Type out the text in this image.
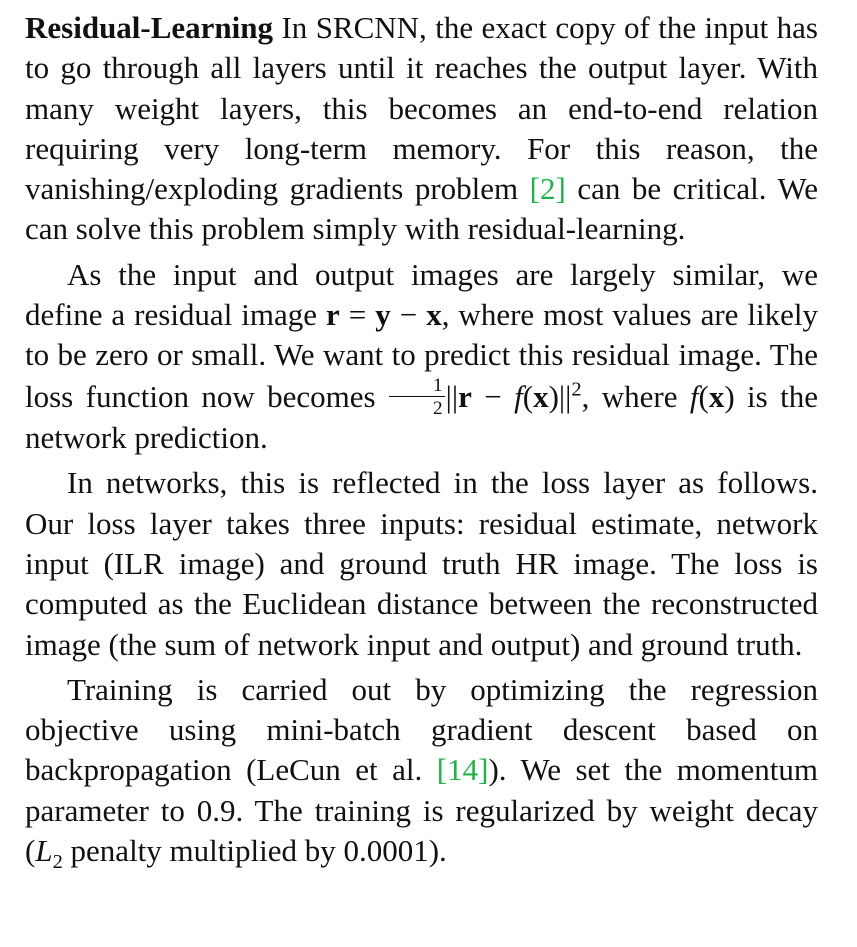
Residual-Learning In SRCNN, the exact copy of the input has to go through all layers until it reaches the output layer. With many weight layers, this becomes an end-to-end relation requiring very long-term memory. For this reason, the vanishing/exploding gradients problem [2] can be critical. We can solve this problem simply with residual-learning.

As the input and output images are largely similar, we define a residual image r = y − x, where most values are likely to be zero or small. We want to predict this residual image. The loss function now becomes $\frac{1}{2} ||r - f(x)||^2$, where f(x) is the network prediction.

In networks, this is reflected in the loss layer as follows. Our loss layer takes three inputs: residual estimate, network input (ILR image) and ground truth HR image. The loss is computed as the Euclidean distance between the reconstructed image (the sum of network input and output) and ground truth.

Training is carried out by optimizing the regression objective using mini-batch gradient descent based on backpropagation (LeCun et al. [14]). We set the momentum parameter to 0.9. The training is regularized by weight decay ($L_2$ penalty multiplied by 0.0001).
